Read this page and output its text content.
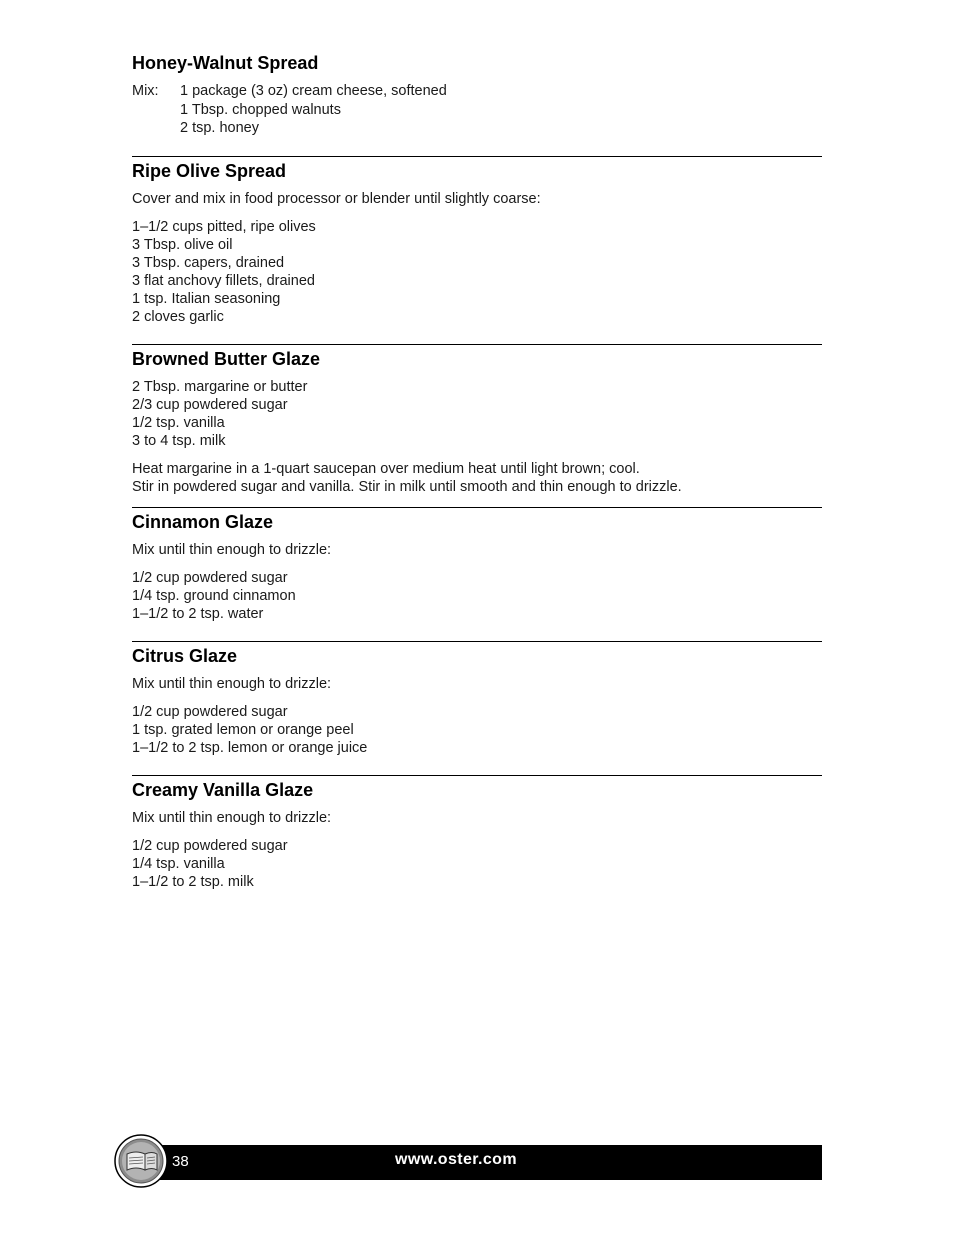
Honey-Walnut Spread
Mix:	1 package (3 oz) cream cheese, softened
1 Tbsp. chopped walnuts
2 tsp. honey
Ripe Olive Spread

Cover and mix in food processor or blender until slightly coarse:

1–1/2 cups pitted, ripe olives

3 Tbsp. olive oil

3 Tbsp. capers, drained

3 flat anchovy fillets, drained

1 tsp. Italian seasoning

2 cloves garlic

Browned Butter Glaze

2 Tbsp. margarine or butter

2/3 cup powdered sugar

1/2 tsp. vanilla

3 to 4 tsp. milk

Heat margarine in a 1-quart saucepan over medium heat until light brown; cool.

Stir in powdered sugar and vanilla. Stir in milk until smooth and thin enough to drizzle.

Cinnamon Glaze

Mix until thin enough to drizzle:

1/2 cup powdered sugar

1/4 tsp. ground cinnamon

1–1/2 to 2 tsp. water

Citrus Glaze

Mix until thin enough to drizzle:

1/2 cup powdered sugar

1 tsp. grated lemon or orange peel

1–1/2 to 2 tsp. lemon or orange juice

Creamy Vanilla Glaze

Mix until thin enough to drizzle:

1/2 cup powdered sugar

1/4 tsp. vanilla

1–1/2 to 2 tsp. milk

38	www.oster.com
